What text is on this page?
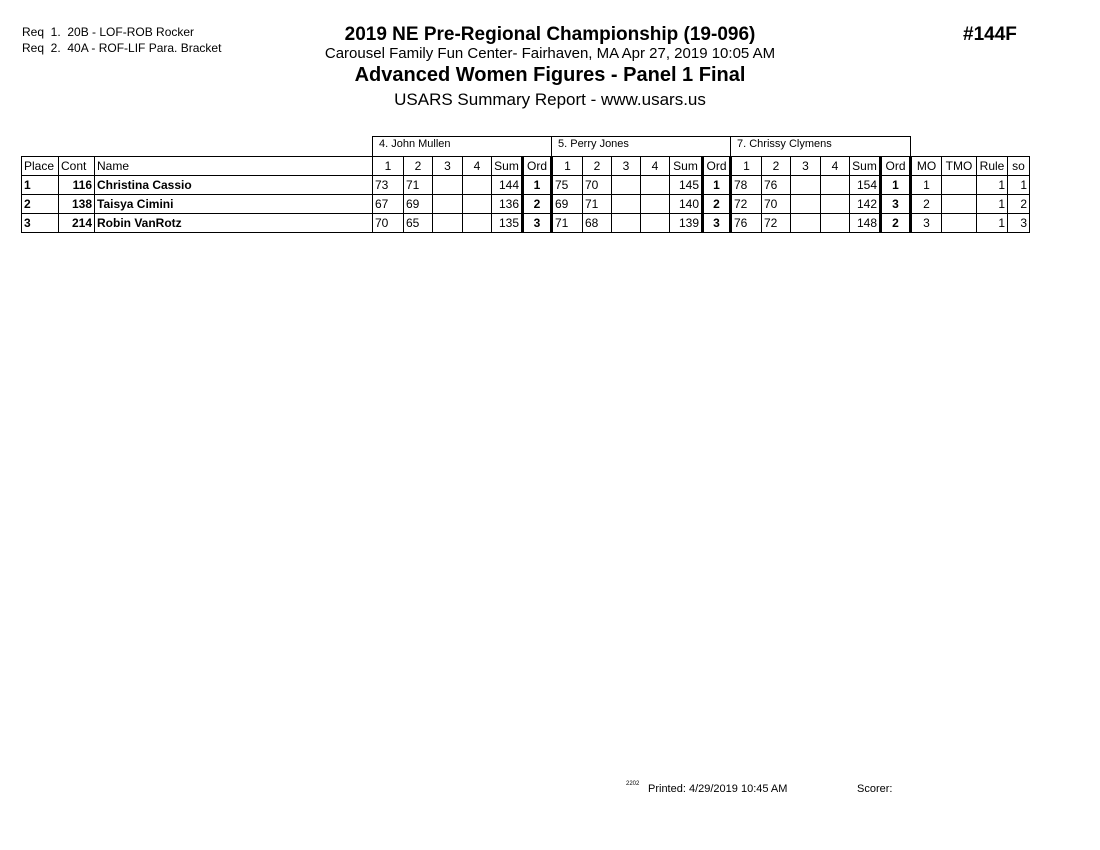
Req  1.  20B - LOF-ROB Rocker
Req  2.  40A - ROF-LIF Para. Bracket
2019 NE Pre-Regional Championship (19-096)
Carousel Family Fun Center- Fairhaven, MA Apr 27, 2019 10:05 AM
Advanced Women Figures - Panel 1 Final
USARS Summary Report - www.usars.us
#144F
			4. John Mullen						5. Perry Jones						7. Chrissy Clymens									
Place	Cont	Name	1	2	3	4	Sum	Ord	1	2	3	4	Sum	Ord	1	2	3	4	Sum	Ord	MO	TMO	Rule	so
1	116	Christina Cassio	73	71			144	1	75	70			145	1	78	76			154	1	1		1	1
2	138	Taisya Cimini	67	69			136	2	69	71			140	2	72	70			142	3	2		1	2
3	214	Robin VanRotz	70	65			135	3	71	68			139	3	76	72			148	2	3		1	3
2202 Printed: 4/29/2019 10:45 AM	Scorer:
